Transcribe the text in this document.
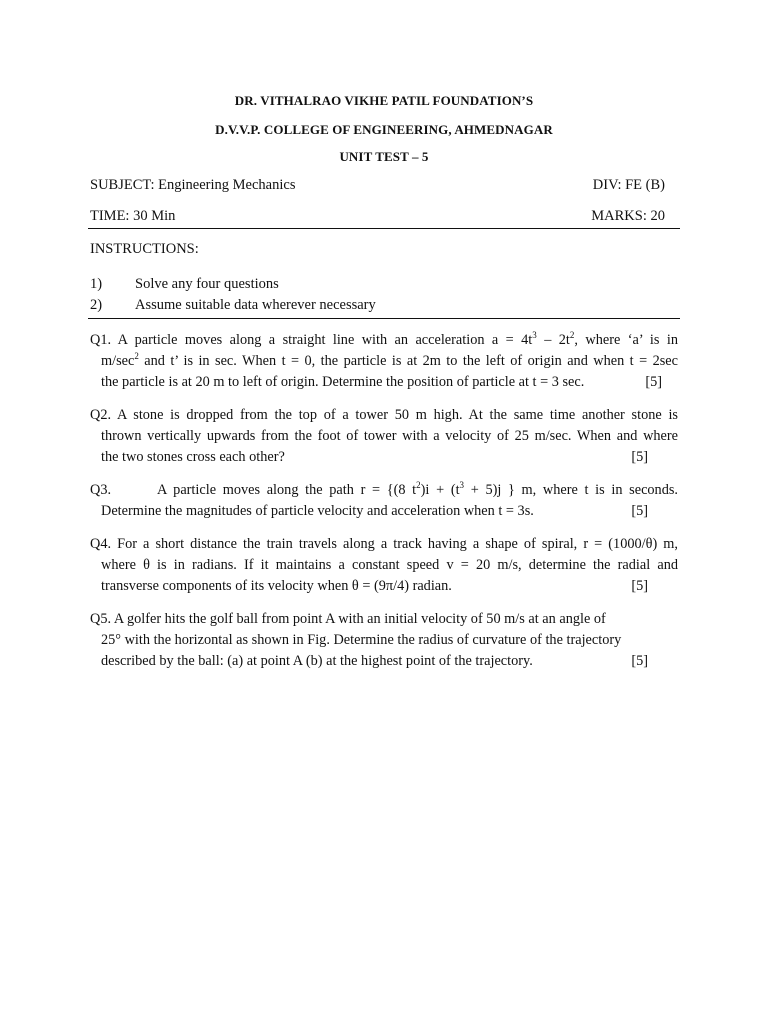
DR. VITHALRAO VIKHE PATIL FOUNDATION’S
D.V.V.P. COLLEGE OF ENGINEERING, AHMEDNAGAR
UNIT TEST – 5
SUBJECT: Engineering Mechanics	DIV: FE (B)
TIME: 30 Min	MARKS: 20
INSTRUCTIONS:
1) Solve any four questions
2) Assume suitable data wherever necessary
Q1. A particle moves along a straight line with an acceleration $a = 4t^3 - 2t^2$, where ‘a’ is in
$m/\sec^2$ and t’ is in sec. When t = 0, the particle is at 2m to the left of origin and when t = 2sec
the particle is at 20 m to left of origin. Determine the position of particle at t = 3 sec.	[5]
Q2. A stone is dropped from the top of a tower 50 m high. At the same time another stone is
thrown vertically upwards from the foot of tower with a velocity of 25 m/sec. When and where
the two stones cross each other?	[5]
Q3.       A particle moves along the path r = {(8 $t^2)i + (t^3 + 5)j$ } m, where t is in seconds.
Determine the magnitudes of particle velocity and acceleration when t = 3s.	[5]
Q4. For a short distance the train travels along a track having a shape of spiral, r = (1000/θ) m,
where θ is in radians. If it maintains a constant speed v = 20 m/s, determine the radial and
transverse components of its velocity when θ = (9π/4) radian.	[5]
Q5. A golfer hits the golf ball from point A with an initial velocity of 50 m/s at an angle of
25° with the horizontal as shown in Fig. Determine the radius of curvature of the trajectory
described by the ball: (a) at point A (b) at the highest point of the trajectory.	[5]
